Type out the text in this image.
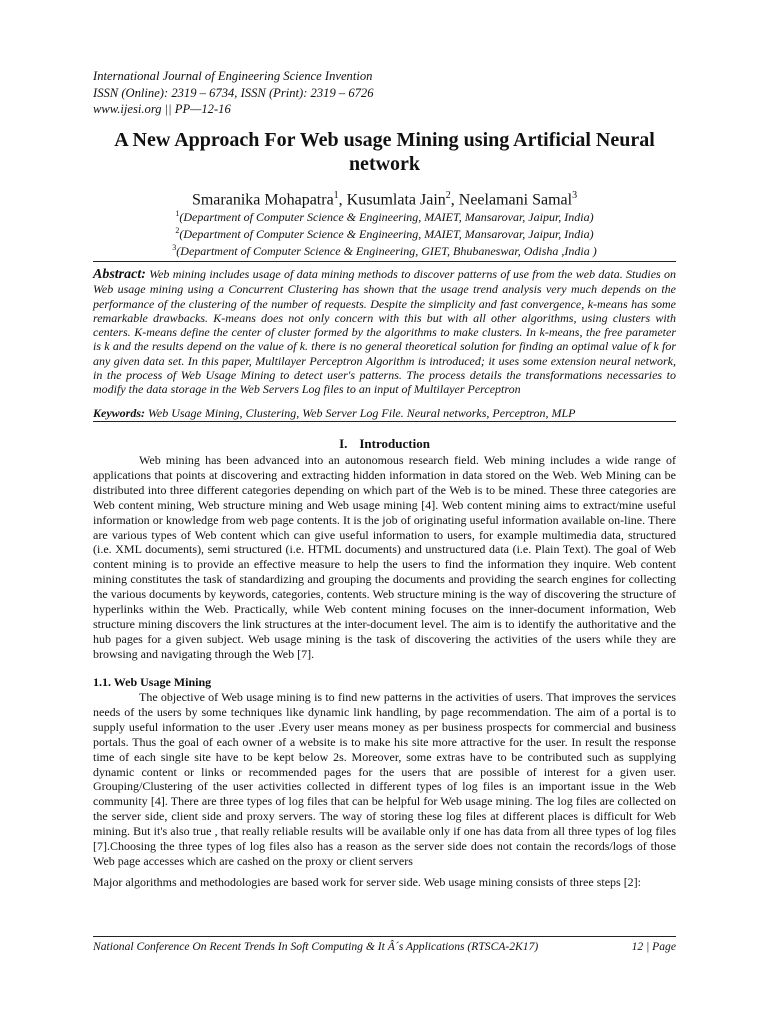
International Journal of Engineering Science Invention
ISSN (Online): 2319 – 6734, ISSN (Print): 2319 – 6726
www.ijesi.org || PP—12-16
A New Approach For Web usage Mining using Artificial Neural network
Smaranika Mohapatra$^1$, Kusumlata Jain$^2$, Neelamani Samal$^3$
$^1$(Department of Computer Science & Engineering, MAIET, Mansarovar, Jaipur, India)
$^2$(Department of Computer Science & Engineering, MAIET, Mansarovar, Jaipur, India)
$^3$(Department of Computer Science & Engineering, GIET, Bhubaneswar, Odisha ,India )
Abstract: Web mining includes usage of data mining methods to discover patterns of use from the web data. Studies on Web usage mining using a Concurrent Clustering has shown that the usage trend analysis very much depends on the performance of the clustering of the number of requests. Despite the simplicity and fast convergence, k-means has some remarkable drawbacks. K-means does not only concern with this but with all other algorithms, using clusters with centers. K-means define the center of cluster formed by the algorithms to make clusters. In k-means, the free parameter is k and the results depend on the value of k. there is no general theoretical solution for finding an optimal value of k for any given data set. In this paper, Multilayer Perceptron Algorithm is introduced; it uses some extension neural network, in the process of Web Usage Mining to detect user's patterns. The process details the transformations necessaries to modify the data storage in the Web Servers Log files to an input of Multilayer Perceptron
Keywords: Web Usage Mining, Clustering, Web Server Log File. Neural networks, Perceptron, MLP
I. Introduction
Web mining has been advanced into an autonomous research field. Web mining includes a wide range of applications that points at discovering and extracting hidden information in data stored on the Web. Web Mining can be distributed into three different categories depending on which part of the Web is to be mined. These three categories are Web content mining, Web structure mining and Web usage mining [4]. Web content mining aims to extract/mine useful information or knowledge from web page contents. It is the job of originating useful information available on-line. There are various types of Web content which can give useful information to users, for example multimedia data, structured (i.e. XML documents), semi structured (i.e. HTML documents) and unstructured data (i.e. Plain Text). The goal of Web content mining is to provide an effective measure to help the users to find the information they inquire. Web content mining constitutes the task of standardizing and grouping the documents and providing the search engines for collecting the various documents by keywords, categories, contents. Web structure mining is the way of discovering the structure of hyperlinks within the Web. Practically, while Web content mining focuses on the inner-document information, Web structure mining discovers the link structures at the inter-document level. The aim is to identify the authoritative and the hub pages for a given subject. Web usage mining is the task of discovering the activities of the users while they are browsing and navigating through the Web [7].
1.1. Web Usage Mining
The objective of Web usage mining is to find new patterns in the activities of users. That improves the services needs of the users by some techniques like dynamic link handling, by page recommendation. The aim of a portal is to supply useful information to the user .Every user means money as per business prospects for commercial and business portals. Thus the goal of each owner of a website is to make his site more attractive for the user. In result the response time of each single site have to be kept below 2s. Moreover, some extras have to be contributed such as supplying dynamic content or links or recommended pages for the users that are possible of interest for a given user. Grouping/Clustering of the user activities collected in different types of log files is an important issue in the Web community [4]. There are three types of log files that can be helpful for Web usage mining. The log files are collected on the server side, client side and proxy servers. The way of storing these log files at different places is difficult for Web mining. But it's also true , that really reliable results will be available only if one has data from all three types of log files [7].Choosing the three types of log files also has a reason as the server side does not contain the records/logs of those Web page accesses which are cashed on the proxy or client servers
Major algorithms and methodologies are based work for server side. Web usage mining consists of three steps [2]:
National Conference On Recent Trends In Soft Computing & It Â´s Applications (RTSCA-2K17)	12 | Page
